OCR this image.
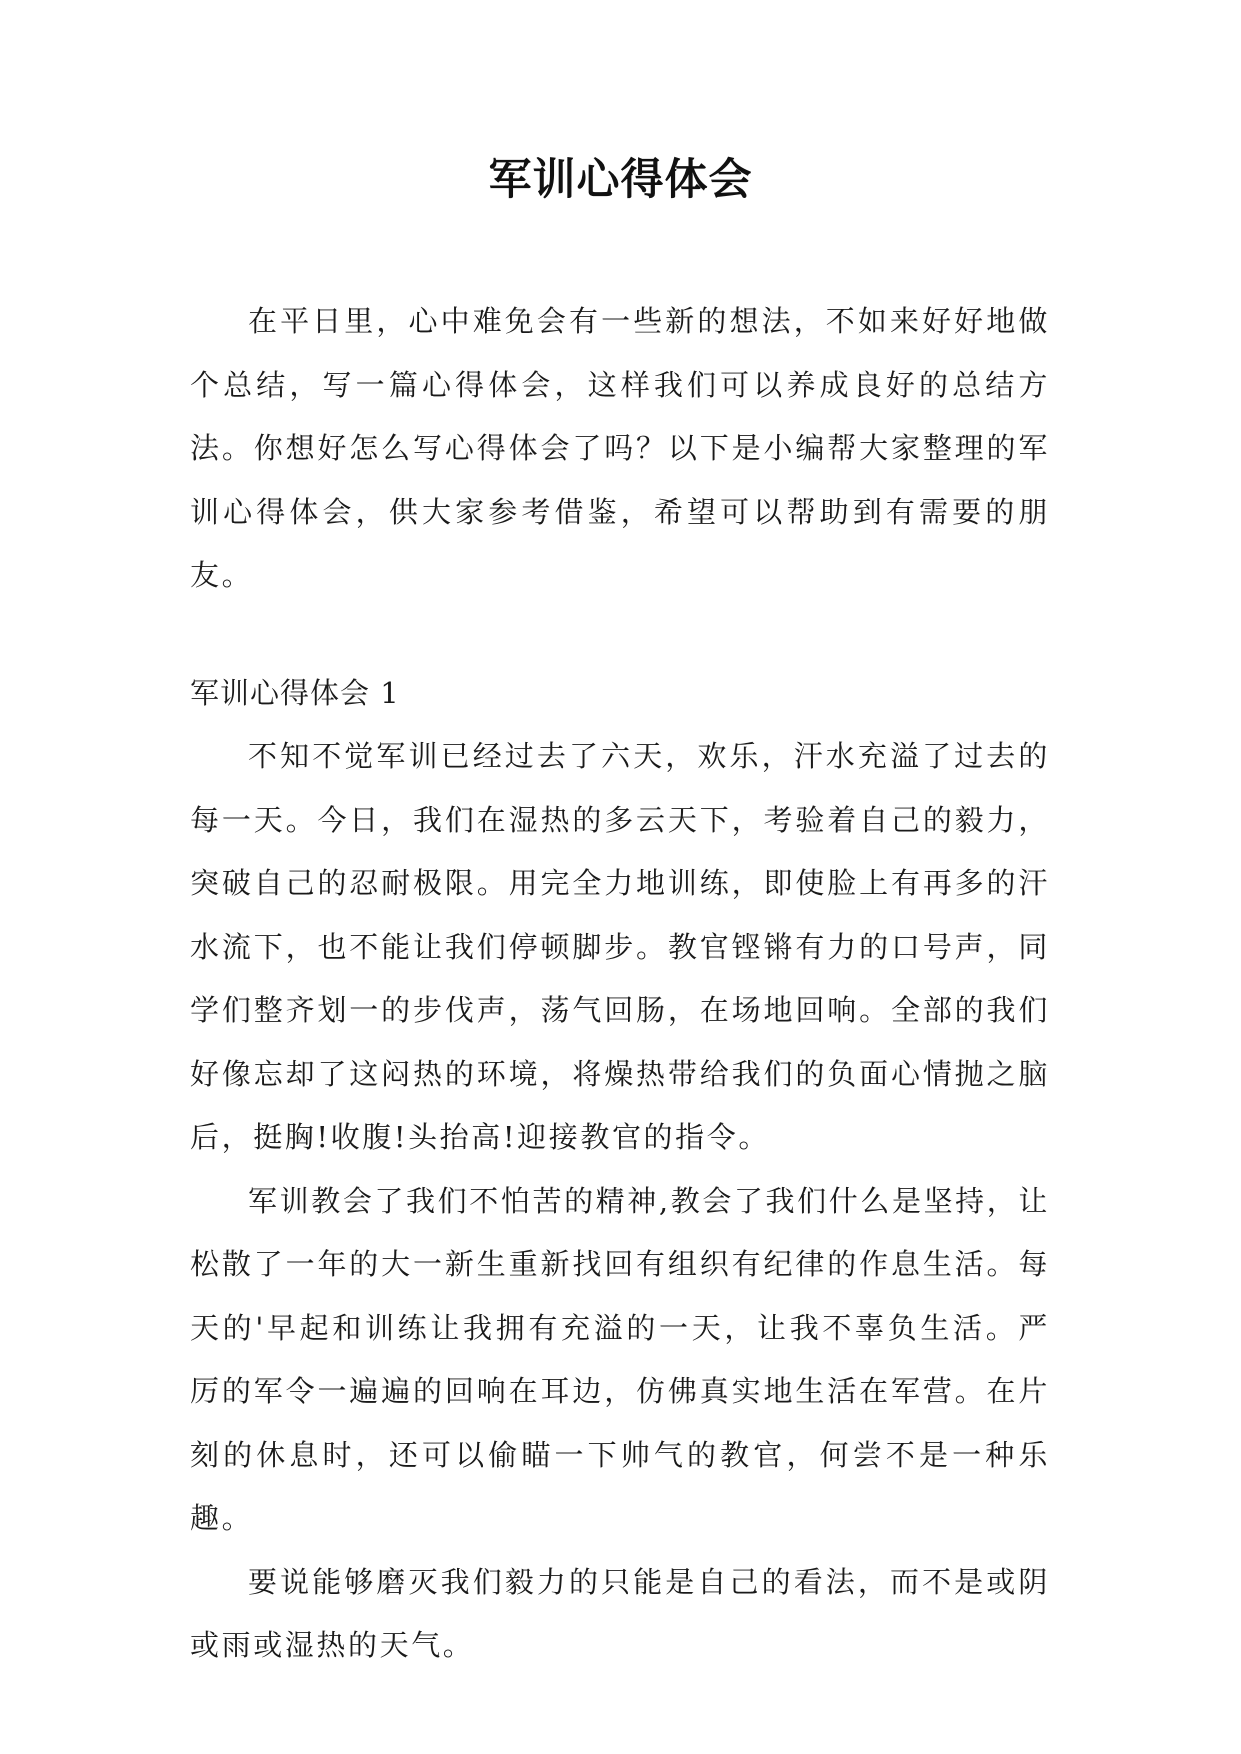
军训心得体会

在平日里，心中难免会有一些新的想法，不如来好好地做个总结，写一篇心得体会，这样我们可以养成良好的总结方法。你想好怎么写心得体会了吗？以下是小编帮大家整理的军训心得体会，供大家参考借鉴，希望可以帮助到有需要的朋友。

军训心得体会 1

不知不觉军训已经过去了六天，欢乐，汗水充溢了过去的每一天。今日，我们在湿热的多云天下，考验着自己的毅力，突破自己的忍耐极限。用完全力地训练，即使脸上有再多的汗水流下，也不能让我们停顿脚步。教官铿锵有力的口号声，同学们整齐划一的步伐声，荡气回肠，在场地回响。全部的我们好像忘却了这闷热的环境，将燥热带给我们的负面心情抛之脑后，挺胸!收腹!头抬高!迎接教官的指令。

军训教会了我们不怕苦的精神,教会了我们什么是坚持，让松散了一年的大一新生重新找回有组织有纪律的作息生活。每天的'早起和训练让我拥有充溢的一天，让我不辜负生活。严厉的军令一遍遍的回响在耳边，仿佛真实地生活在军营。在片刻的休息时，还可以偷瞄一下帅气的教官，何尝不是一种乐趣。

要说能够磨灭我们毅力的只能是自己的看法，而不是或阴或雨或湿热的天气。
